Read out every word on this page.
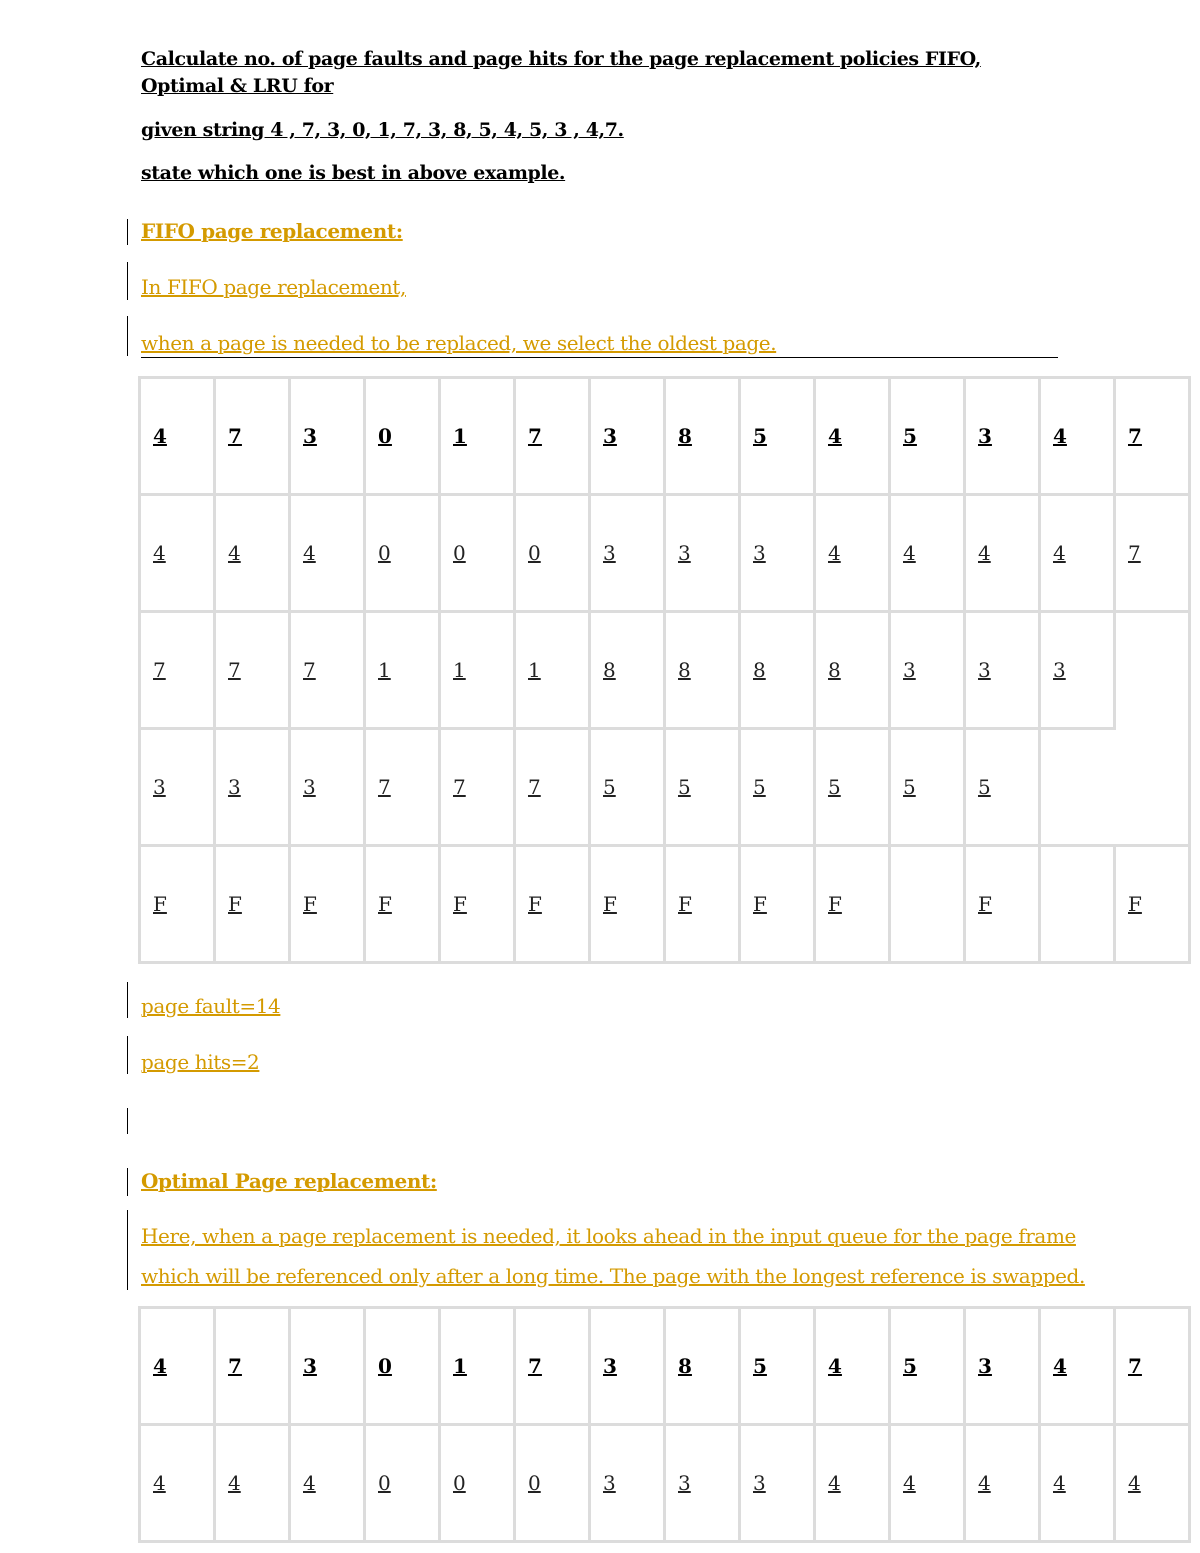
Calculate no. of page faults and page hits for the page replacement policies FIFO, Optimal & LRU for
given string 4 , 7, 3, 0, 1, 7, 3, 8, 5, 4, 5, 3 , 4,7.
state which one is best in above example.
FIFO page replacement:
In FIFO page replacement,
when a page is needed to be replaced, we select the oldest page.
4	7	3	0	1	7	3	8	5	4	5	3	4	7
4	4	4	0	0	0	3	3	3	4	4	4	4	7
7	7	7	1	1	1	8	8	8	8	3	3	3	
3	3	3	7	7	7	5	5	5	5	5	5		
F	F	F	F	F	F	F	F	F	F		F		F
page fault=14
page hits=2
Optimal Page replacement:
Here, when a page replacement is needed, it looks ahead in the input queue for the page frame
which will be referenced only after a long time. The page with the longest reference is swapped.
4	7	3	0	1	7	3	8	5	4	5	3	4	7
4	4	4	0	0	0	3	3	3	4	4	4	4	4
